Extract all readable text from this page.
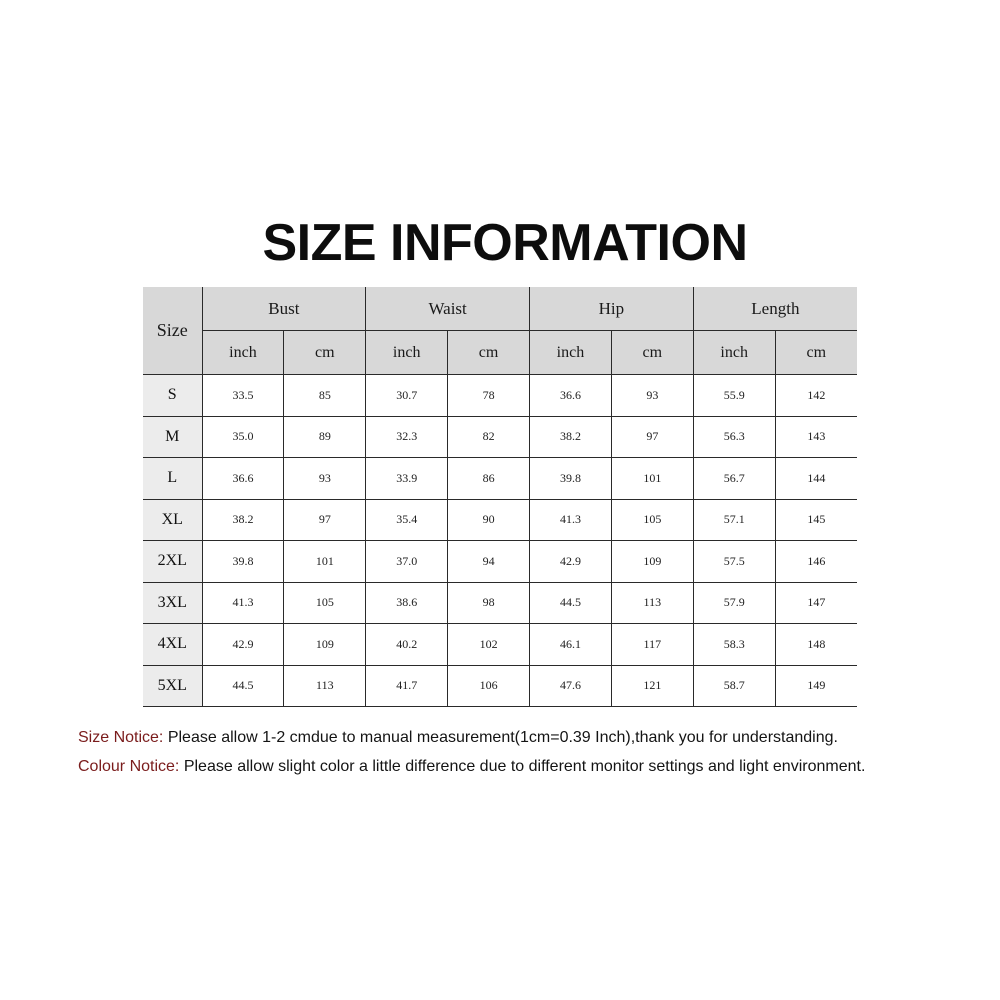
SIZE INFORMATION
Size	Bust		Waist		Hip		Length	
	inch	cm	inch	cm	inch	cm	inch	cm
S	33.5	85	30.7	78	36.6	93	55.9	142
M	35.0	89	32.3	82	38.2	97	56.3	143
L	36.6	93	33.9	86	39.8	101	56.7	144
XL	38.2	97	35.4	90	41.3	105	57.1	145
2XL	39.8	101	37.0	94	42.9	109	57.5	146
3XL	41.3	105	38.6	98	44.5	113	57.9	147
4XL	42.9	109	40.2	102	46.1	117	58.3	148
5XL	44.5	113	41.7	106	47.6	121	58.7	149
Size Notice: Please allow 1-2 cmdue to manual measurement(1cm=0.39 Inch),thank you for understanding.
Colour Notice: Please allow slight color a little difference due to different monitor settings and light environment.
